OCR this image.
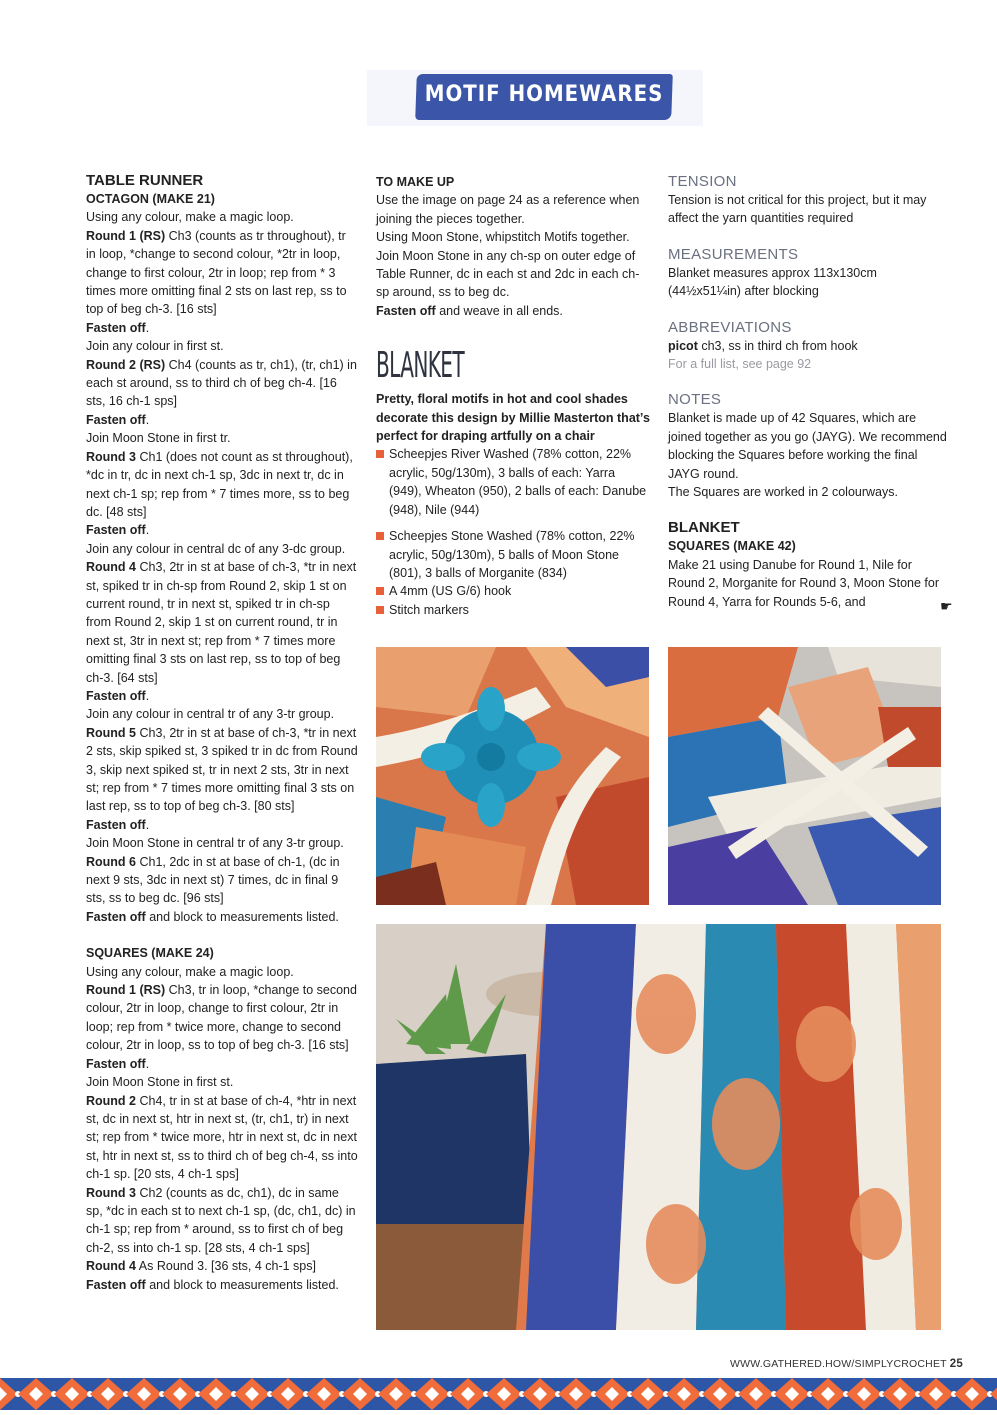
MOTIF HOMEWARES

TABLE RUNNER

OCTAGON (MAKE 21)

Using any colour, make a magic loop.

Round 1 (RS) Ch3 (counts as tr throughout), tr in loop, *change to second colour, *2tr in loop, change to first colour, 2tr in loop; rep from * 3 times more omitting final 2 sts on last rep, ss to top of beg ch-3. [16 sts]

Fasten off.

Join any colour in first st.

Round 2 (RS) Ch4 (counts as tr, ch1), (tr, ch1) in each st around, ss to third ch of beg ch-4. [16 sts, 16 ch-1 sps]

Fasten off.

Join Moon Stone in first tr.

Round 3 Ch1 (does not count as st throughout), *dc in tr, dc in next ch-1 sp, 3dc in next tr, dc in next ch-1 sp; rep from * 7 times more, ss to beg dc. [48 sts]

Fasten off.

Join any colour in central dc of any 3-dc group.

Round 4 Ch3, 2tr in st at base of ch-3, *tr in next st, spiked tr in ch-sp from Round 2, skip 1 st on current round, tr in next st, spiked tr in ch-sp from Round 2, skip 1 st on current round, tr in next st, 3tr in next st; rep from * 7 times more omitting final 3 sts on last rep, ss to top of beg ch-3. [64 sts]

Fasten off.

Join any colour in central tr of any 3-tr group.

Round 5 Ch3, 2tr in st at base of ch-3, *tr in next 2 sts, skip spiked st, 3 spiked tr in dc from Round 3, skip next spiked st, tr in next 2 sts, 3tr in next st; rep from * 7 times more omitting final 3 sts on last rep, ss to top of beg ch-3. [80 sts]

Fasten off.

Join Moon Stone in central tr of any 3-tr group.

Round 6 Ch1, 2dc in st at base of ch-1, (dc in next 9 sts, 3dc in next st) 7 times, dc in final 9 sts, ss to beg dc. [96 sts]

Fasten off and block to measurements listed.

SQUARES (MAKE 24)

Using any colour, make a magic loop.

Round 1 (RS) Ch3, tr in loop, *change to second colour, 2tr in loop, change to first colour, 2tr in loop; rep from * twice more, change to second colour, 2tr in loop, ss to top of beg ch-3. [16 sts]

Fasten off.

Join Moon Stone in first st.

Round 2 Ch4, tr in st at base of ch-4, *htr in next st, dc in next st, htr in next st, (tr, ch1, tr) in next st; rep from * twice more, htr in next st, dc in next st, htr in next st, ss to third ch of beg ch-4, ss into ch-1 sp. [20 sts, 4 ch-1 sps]

Round 3 Ch2 (counts as dc, ch1), dc in same sp, *dc in each st to next ch-1 sp, (dc, ch1, dc) in ch-1 sp; rep from * around, ss to first ch of beg ch-2, ss into ch-1 sp. [28 sts, 4 ch-1 sps]

Round 4 As Round 3. [36 sts, 4 ch-1 sps]

Fasten off and block to measurements listed.

TO MAKE UP

Use the image on page 24 as a reference when joining the pieces together.

Using Moon Stone, whipstitch Motifs together. Join Moon Stone in any ch-sp on outer edge of Table Runner, dc in each st and 2dc in each ch-sp around, ss to beg dc.

Fasten off and weave in all ends.

BLANKET

Pretty, floral motifs in hot and cool shades decorate this design by Millie Masterton that’s perfect for draping artfully on a chair

Scheepjes River Washed (78% cotton, 22% acrylic, 50g/130m), 3 balls of each: Yarra (949), Wheaton (950), 2 balls of each: Danube (948), Nile (944)

Scheepjes Stone Washed (78% cotton, 22% acrylic, 50g/130m), 5 balls of Moon Stone (801), 3 balls of Morganite (834)

A 4mm (US G/6) hook

Stitch markers

TENSION

Tension is not critical for this project, but it may affect the yarn quantities required

MEASUREMENTS

Blanket measures approx 113x130cm (44½x51¼in) after blocking

ABBREVIATIONS

picot ch3, ss in third ch from hook

For a full list, see page 92

NOTES

Blanket is made up of 42 Squares, which are joined together as you go (JAYG). We recommend blocking the Squares before working the final JAYG round.

The Squares are worked in 2 colourways.

BLANKET

SQUARES (MAKE 42)

Make 21 using Danube for Round 1, Nile for Round 2, Morganite for Round 3, Moon Stone for Round 4, Yarra for Rounds 5-6, and	☛
WWW.GATHERED.HOW/SIMPLYCROCHET 25
